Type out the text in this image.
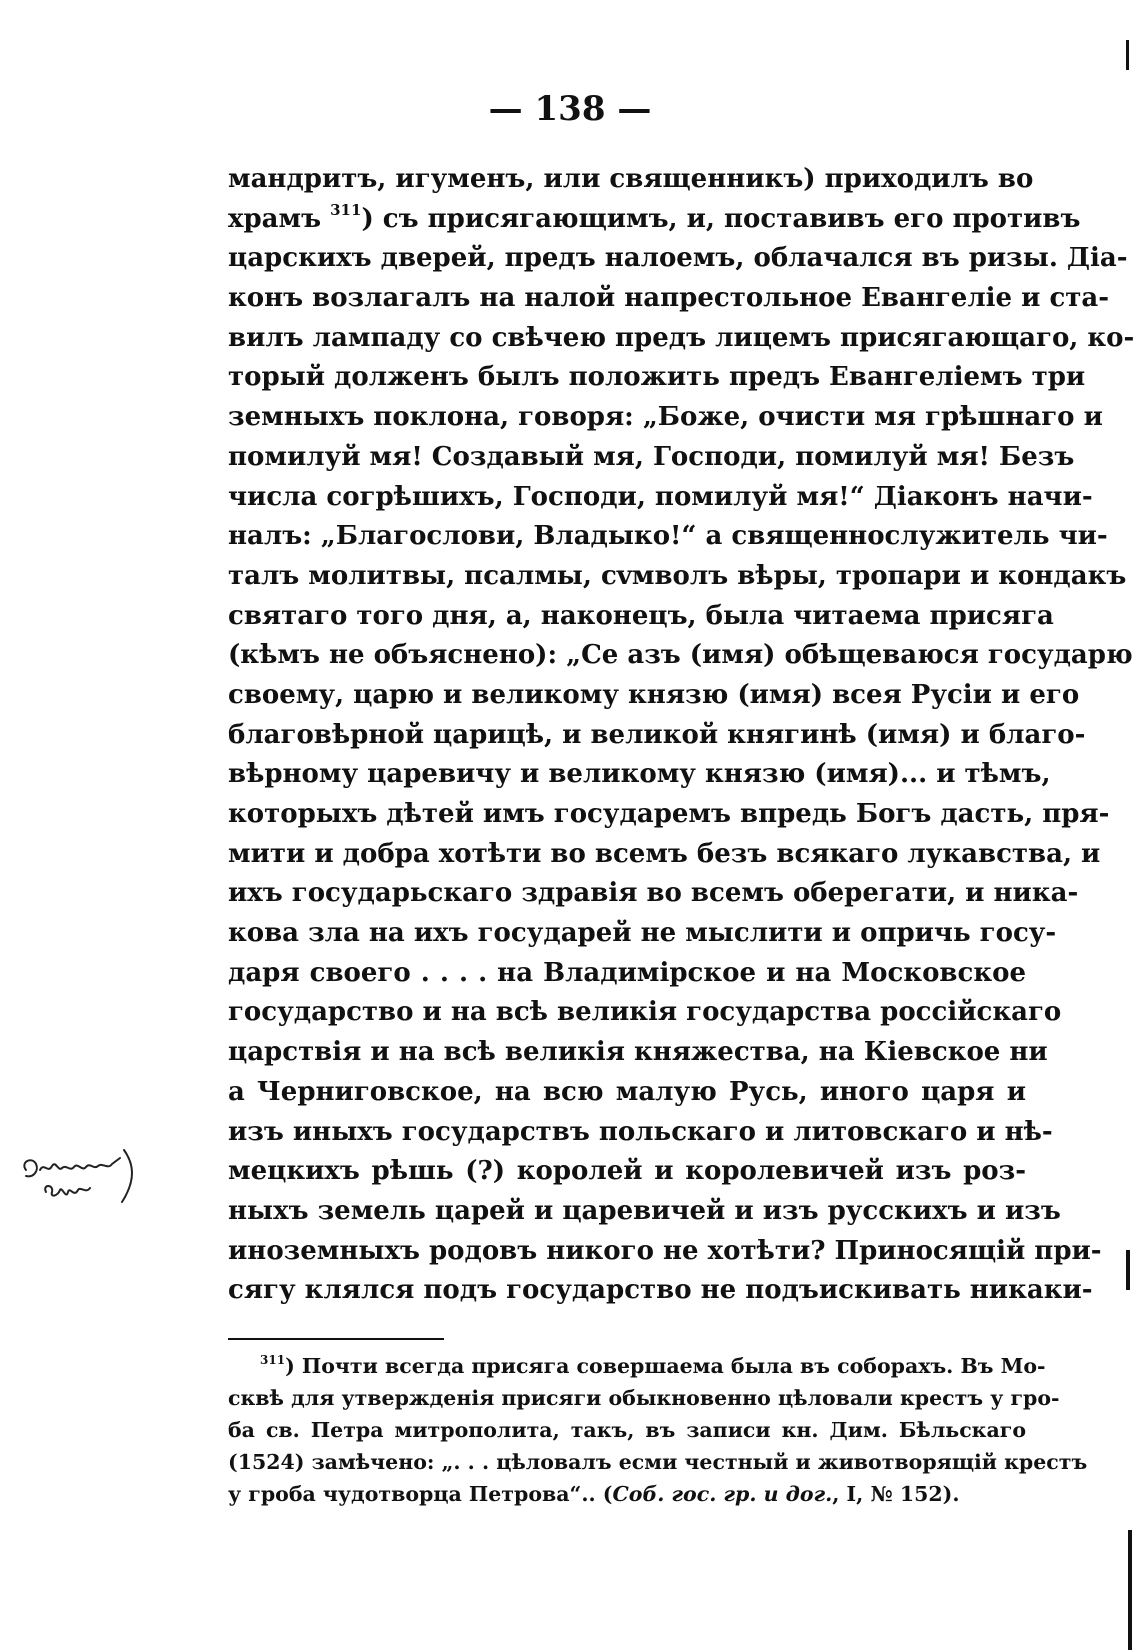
— 138 —
мандритъ, игуменъ, или священникъ) приходилъ во
храмъ $^{311}$) съ присягающимъ, и, поставивъ его противъ
царскихъ дверей, предъ налоемъ, облачался въ ризы. Діа-
конъ возлагалъ на налой напрестольное Евангеліе и ста-
вилъ лампаду со свѣчею предъ лицемъ присягающаго, ко-
торый долженъ былъ положить предъ Евангеліемъ три
земныхъ поклона, говоря: „Боже, очисти мя грѣшнаго и
помилуй мя! Создавый мя, Господи, помилуй мя! Безъ
числа согрѣшихъ, Господи, помилуй мя!“ Діаконъ начи-
налъ: „Благослови, Владыко!“ а священнослужитель чи-
талъ молитвы, псалмы, сvмволъ вѣры, тропари и кондакъ
святаго того дня, а, наконецъ, была читаема присяга
(кѣмъ не объяснено): „Се азъ (имя) обѣщеваюся государю
своему, царю и великому князю (имя) всея Русіи и его
благовѣрной царицѣ, и великой княгинѣ (имя) и благо-
вѣрному царевичу и великому князю (имя)... и тѣмъ,
которыхъ дѣтей имъ государемъ впредь Богъ дасть, пря-
мити и добра хотѣти во всемъ безъ всякаго лукавства, и
ихъ государьскаго здравія во всемъ оберегати, и ника-
кова зла на ихъ государей не мыслити и опричь госу-
даря своего . . . . на Владимірское и на Московское
государство и на всѣ великія государства россійскаго
царствія и на всѣ великія княжества, на Кіевское ни
а Черниговское, на всю малую Русь, иного царя и
изъ иныхъ государствъ польскаго и литовскаго и нѣ-
мецкихъ рѣшь (?) королей и королевичей изъ роз-
ныхъ земель царей и царевичей и изъ русскихъ и изъ
иноземныхъ родовъ никого не хотѣти? Приносящій при-
сягу клялся подъ государство не подъискивать никаки-
$^{311}$) Почти всегда присяга совершаема была въ соборахъ. Въ Мо-
сквѣ для утвержденія присяги обыкновенно цѣловали крестъ у гро-
ба св. Петра митрополита, такъ, въ записи кн. Дим. Бѣльскаго
(1524) замѣчено: „. . . цѣловалъ есми честный и животворящій крестъ
у гроба чудотворца Петрова“.. (Соб. гос. гр. и дог., I, № 152).
